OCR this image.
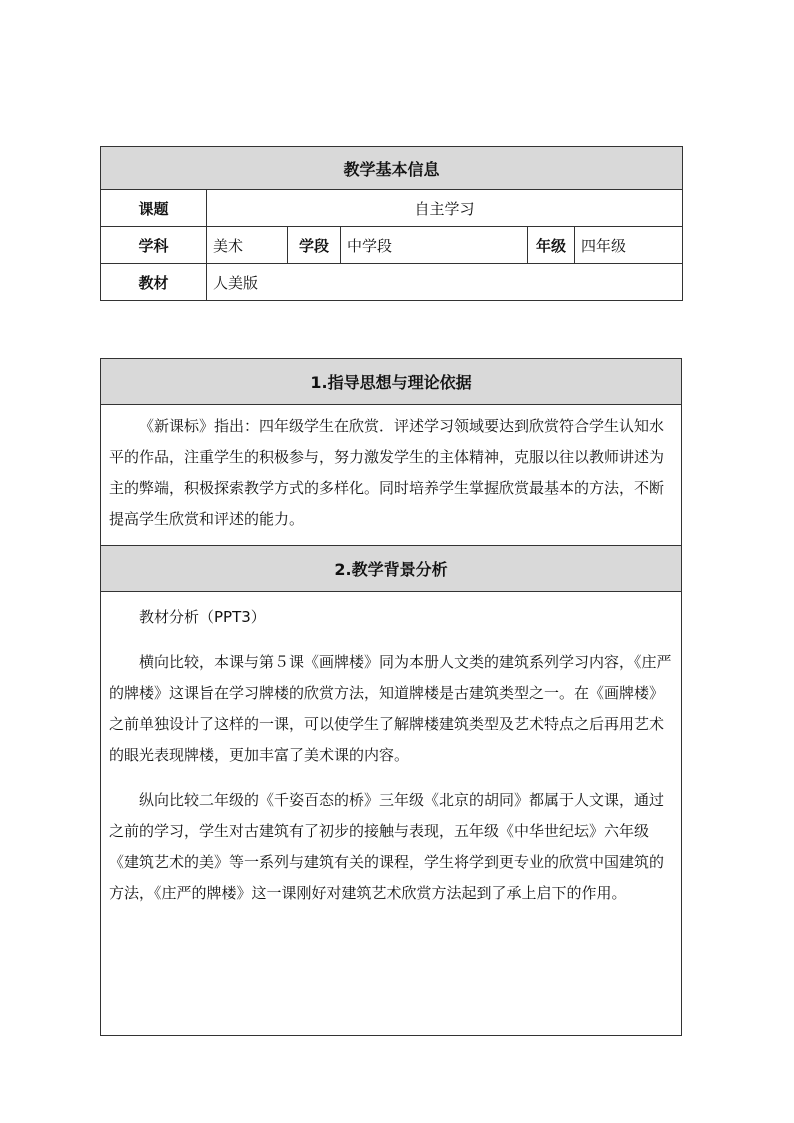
教学基本信息					
课题	自主学习				
学科	美术	学段	中学段	年级	四年级
教材	人美版				
1.指导思想与理论依据

《新课标》指出：四年级学生在欣赏．评述学习领域要达到欣赏符合学生认知水平的作品，注重学生的积极参与，努力激发学生的主体精神，克服以往以教师讲述为主的弊端，积极探索教学方式的多样化。同时培养学生掌握欣赏最基本的方法，不断提高学生欣赏和评述的能力。

2.教学背景分析

教材分析（PPT3）

横向比较，本课与第５课《画牌楼》同为本册人文类的建筑系列学习内容，《庄严的牌楼》这课旨在学习牌楼的欣赏方法，知道牌楼是古建筑类型之一。在《画牌楼》之前单独设计了这样的一课，可以使学生了解牌楼建筑类型及艺术特点之后再用艺术的眼光表现牌楼，更加丰富了美术课的内容。

纵向比较二年级的《千姿百态的桥》三年级《北京的胡同》都属于人文课，通过之前的学习，学生对古建筑有了初步的接触与表现，五年级《中华世纪坛》六年级《建筑艺术的美》等一系列与建筑有关的课程，学生将学到更专业的欣赏中国建筑的方法，《庄严的牌楼》这一课刚好对建筑艺术欣赏方法起到了承上启下的作用。
